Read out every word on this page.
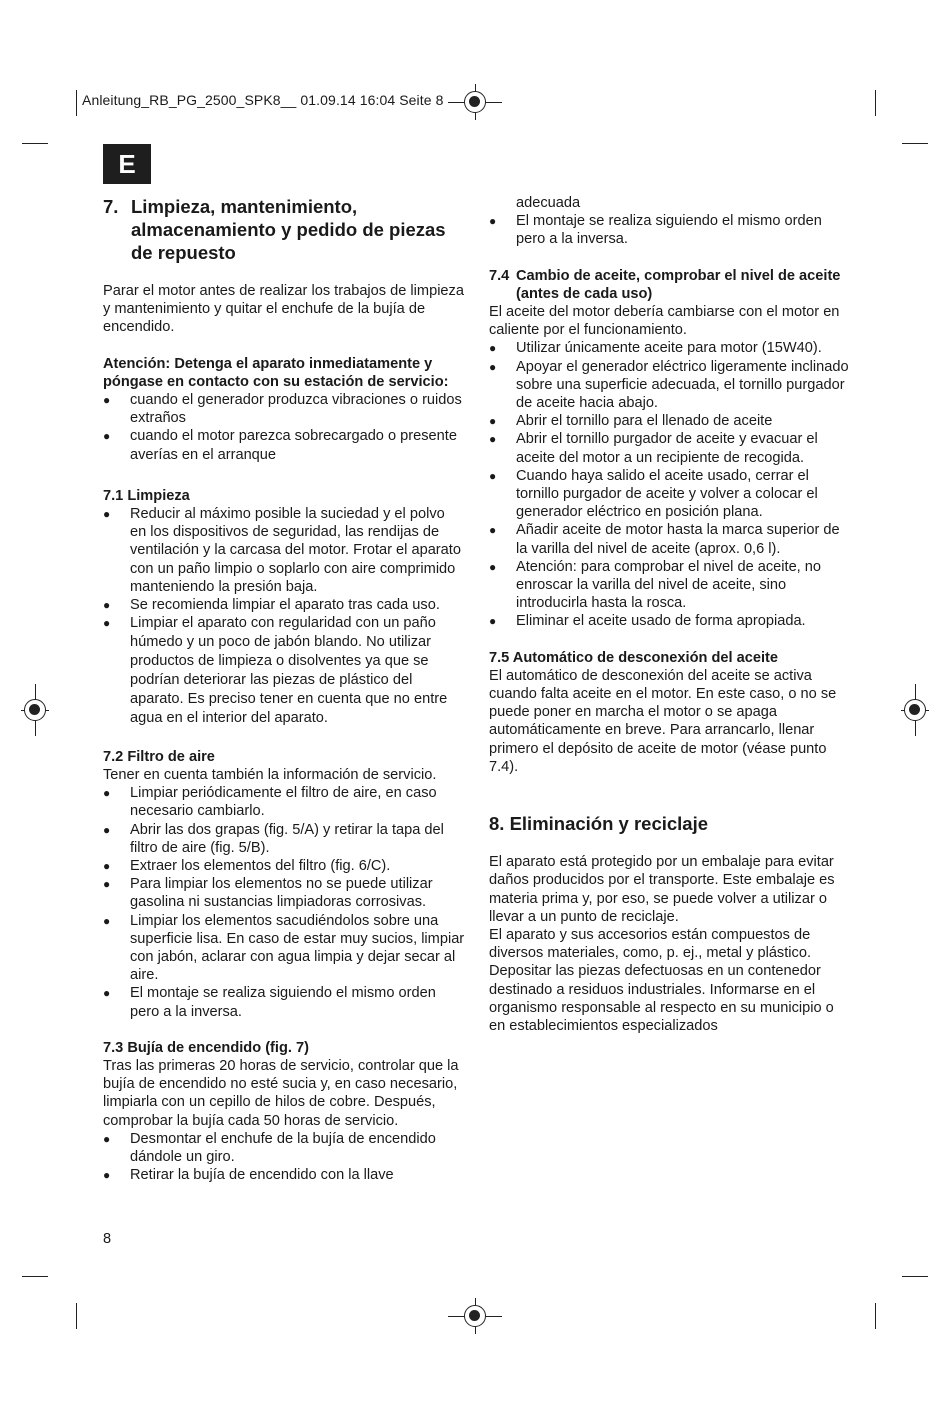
Anleitung_RB_PG_2500_SPK8__ 01.09.14 16:04 Seite 8
E
7. Limpieza, mantenimiento, almacenamiento y pedido de piezas de repuesto

Parar el motor antes de realizar los trabajos de limpieza y mantenimiento y quitar el enchufe de la bujía de encendido.

Atención: Detenga el aparato inmediatamente y póngase en contacto con su estación de servicio:

● cuando el generador produzca vibraciones o ruidos extraños
● cuando el motor parezca sobrecargado o presente averías en el arranque

7.1 Limpieza

● Reducir al máximo posible la suciedad y el polvo en los dispositivos de seguridad, las rendijas de ventilación y la carcasa del motor. Frotar el aparato con un paño limpio o soplarlo con aire comprimido manteniendo la presión baja.
● Se recomienda limpiar el aparato tras cada uso.
● Limpiar el aparato con regularidad con un paño húmedo y un poco de jabón blando. No utilizar productos de limpieza o disolventes ya que se podrían deteriorar las piezas de plástico del aparato. Es preciso tener en cuenta que no entre agua en el interior del aparato.

7.2 Filtro de aire

Tener en cuenta también la información de servicio.

● Limpiar periódicamente el filtro de aire, en caso necesario cambiarlo.
● Abrir las dos grapas (fig. 5/A) y retirar la tapa del filtro de aire (fig. 5/B).
● Extraer los elementos del filtro (fig. 6/C).
● Para limpiar los elementos no se puede utilizar gasolina ni sustancias limpiadoras corrosivas.
● Limpiar los elementos sacudiéndolos sobre una superficie lisa. En caso de estar muy sucios, limpiar con jabón, aclarar con agua limpia y dejar secar al aire.
● El montaje se realiza siguiendo el mismo orden pero a la inversa.

7.3 Bujía de encendido (fig. 7)

Tras las primeras 20 horas de servicio, controlar que la bujía de encendido no esté sucia y, en caso necesario, limpiarla con un cepillo de hilos de cobre. Después, comprobar la bujía cada 50 horas de servicio.

● Desmontar el enchufe de la bujía de encendido dándole un giro.
● Retirar la bujía de encendido con la llave

adecuada

● El montaje se realiza siguiendo el mismo orden pero a la inversa.

7.4 Cambio de aceite, comprobar el nivel de aceite (antes de cada uso)

El aceite del motor debería cambiarse con el motor en caliente por el funcionamiento.

● Utilizar únicamente aceite para motor (15W40).
● Apoyar el generador eléctrico ligeramente inclinado sobre una superficie adecuada, el tornillo purgador de aceite hacia abajo.
● Abrir el tornillo para el llenado de aceite
● Abrir el tornillo purgador de aceite y evacuar el aceite del motor a un recipiente de recogida.
● Cuando haya salido el aceite usado, cerrar el tornillo purgador de aceite y volver a colocar el generador eléctrico en posición plana.
● Añadir aceite de motor hasta la marca superior de la varilla del nivel de aceite (aprox. 0,6 l).
● Atención: para comprobar el nivel de aceite, no enroscar la varilla del nivel de aceite, sino introducirla hasta la rosca.
● Eliminar el aceite usado de forma apropiada.

7.5 Automático de desconexión del aceite

El automático de desconexión del aceite se activa cuando falta aceite en el motor. En este caso, o no se puede poner en marcha el motor o se apaga automáticamente en breve. Para arrancarlo, llenar primero el depósito de aceite de motor (véase punto 7.4).

8. Eliminación y reciclaje

El aparato está protegido por un embalaje para evitar daños producidos por el transporte. Este embalaje es materia prima y, por eso, se puede volver a utilizar o llevar a un punto de reciclaje.

El aparato y sus accesorios están compuestos de diversos materiales, como, p. ej., metal y plástico. Depositar las piezas defectuosas en un contenedor destinado a residuos industriales. Informarse en el organismo responsable al respecto en su municipio o en establecimientos especializados

8
